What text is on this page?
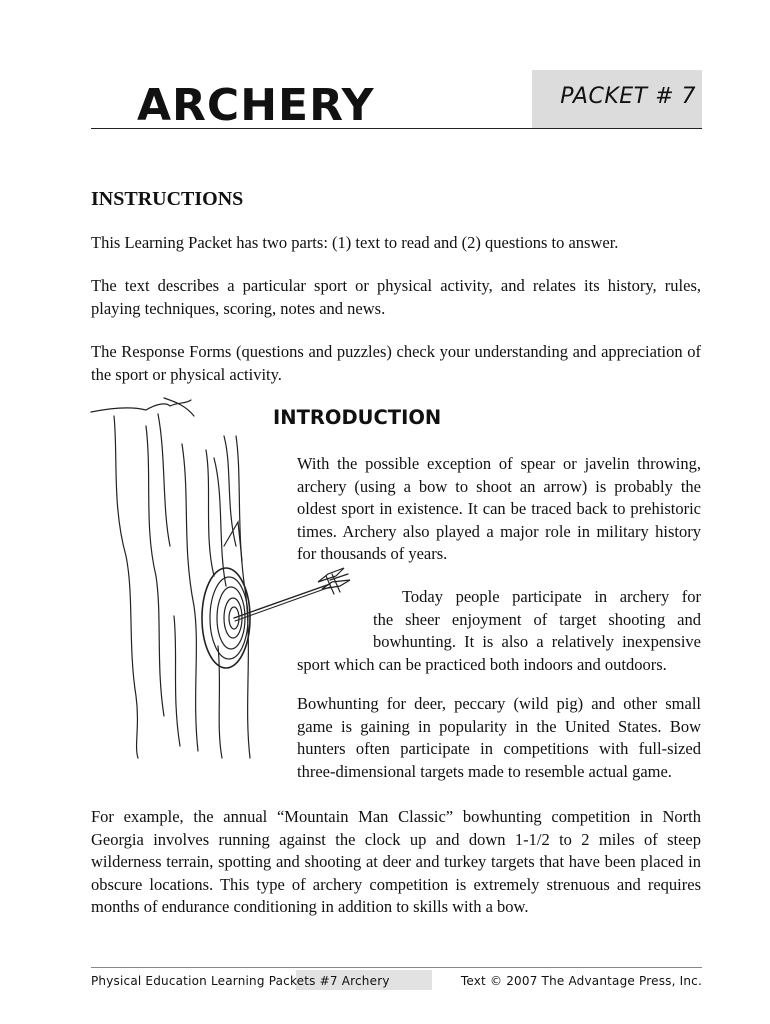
PACKET # 7
ARCHERY
INSTRUCTIONS

This Learning Packet has two parts: (1) text to read and (2) questions to answer.

The text describes a particular sport or physical activity, and relates its history, rules, playing techniques, scoring, notes and news.

The Response Forms (questions and puzzles) check your understanding and appreciation of the sport or physical activity.

INTRODUCTION

With the possible exception of spear or javelin throwing, archery (using a bow to shoot an arrow) is probably the oldest sport in existence. It can be traced back to prehistoric times. Archery also played a major role in military history for thousands of years.

Today people participate in archery for

the sheer enjoyment of target shooting and

bowhunting. It is also a relatively inexpensive

sport which can be practiced both indoors and outdoors.

Bowhunting for deer, peccary (wild pig) and other small game is gaining in popularity in the United States. Bow hunters often participate in competitions with full-sized three-dimensional targets made to resemble actual game.

For example, the annual “Mountain Man Classic” bowhunting competition in North Georgia involves running against the clock up and down 1-1/2 to 2 miles of steep wilderness terrain, spotting and shooting at deer and turkey targets that have been placed in obscure locations. This type of archery competition is extremely strenuous and requires months of endurance conditioning in addition to skills with a bow.

Physical Education Learning Packets #7 Archery	Text © 2007 The Advantage Press, Inc.
